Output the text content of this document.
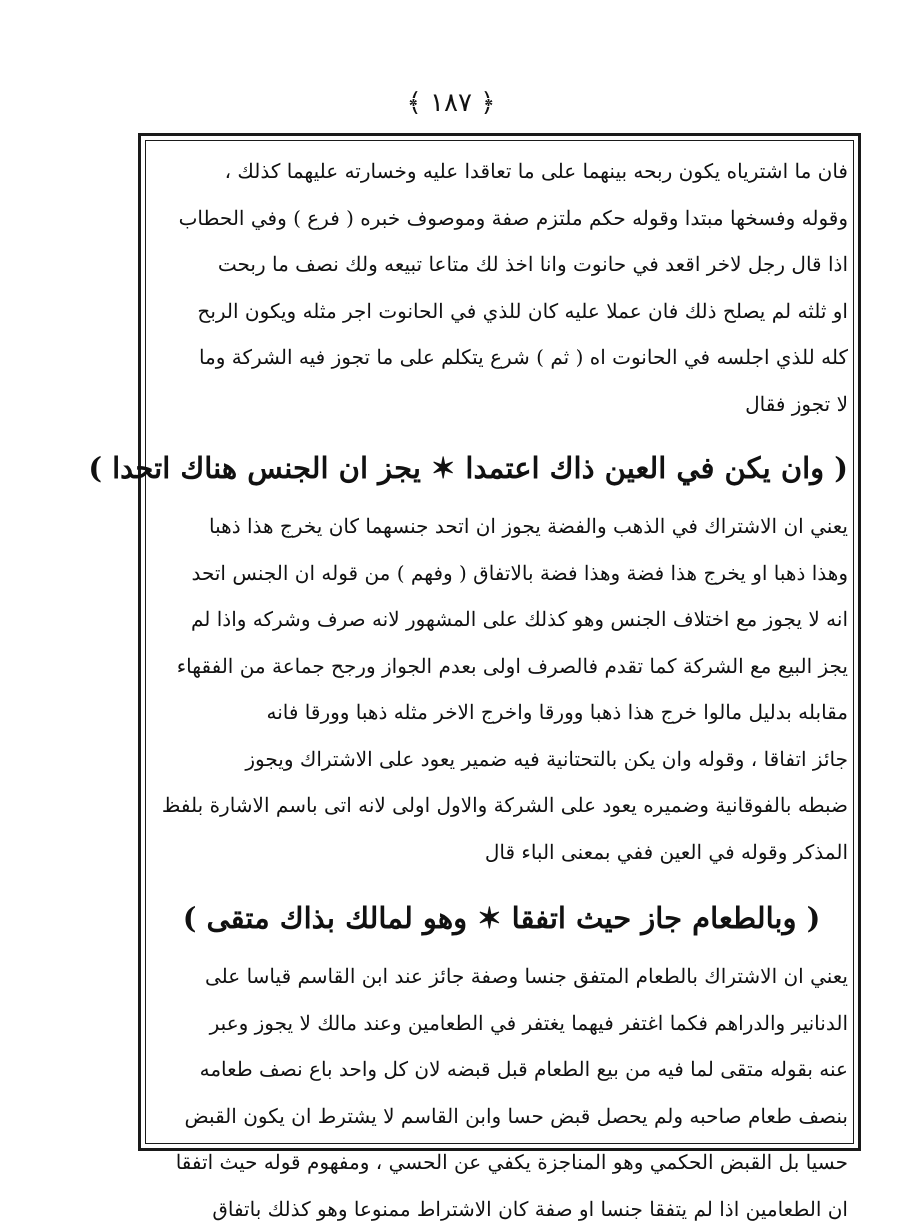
﴿ ١٨٧ ﴾
فان ما اشترياه يكون ربحه بينهما على ما تعاقدا عليه وخسارته عليهما كذلك ،
وقوله وفسخها مبتدا وقوله حكم ملتزم صفة وموصوف خبره ( فرع ) وفي الحطاب
اذا قال رجل لاخر اقعد في حانوت وانا اخذ لك متاعا تبيعه ولك نصف ما ربحت
او ثلثه لم يصلح ذلك فان عملا عليه كان للذي في الحانوت اجر مثله ويكون الربح
كله للذي اجلسه في الحانوت اه ( ثم ) شرع يتكلم على ما تجوز فيه الشركة وما
لا تجوز فقال
( وان يكن في العين ذاك اعتمدا ✶ يجز ان الجنس هناك اتحدا )
يعني ان الاشتراك في الذهب والفضة يجوز ان اتحد جنسهما كان يخرج هذا ذهبا
وهذا ذهبا او يخرج هذا فضة وهذا فضة بالاتفاق ( وفهم ) من قوله ان الجنس اتحد
انه لا يجوز مع اختلاف الجنس وهو كذلك على المشهور لانه صرف وشركه واذا لم
يجز البيع مع الشركة كما تقدم فالصرف اولى بعدم الجواز ورجح جماعة من الفقهاء
مقابله بدليل مالوا خرج هذا ذهبا وورقا واخرج الاخر مثله ذهبا وورقا فانه
جائز اتفاقا ، وقوله وان يكن بالتحتانية فيه ضمير يعود على الاشتراك ويجوز
ضبطه بالفوقانية وضميره يعود على الشركة والاول اولى لانه اتى باسم الاشارة بلفظ
المذكر وقوله في العين ففي بمعنى الباء قال
( وبالطعام جاز حيث اتفقا ✶ وهو لمالك بذاك متقى )
يعني ان الاشتراك بالطعام المتفق جنسا وصفة جائز عند ابن القاسم قياسا على
الدنانير والدراهم فكما اغتفر فيهما يغتفر في الطعامين وعند مالك لا يجوز وعبر
عنه بقوله متقى لما فيه من بيع الطعام قبل قبضه لان كل واحد باع نصف طعامه
بنصف طعام صاحبه ولم يحصل قبض حسا وابن القاسم لا يشترط ان يكون القبض
حسيا بل القبض الحكمي وهو المناجزة يكفي عن الحسي ، ومفهوم قوله حيث اتفقا
ان الطعامين اذا لم يتفقا جنسا او صفة كان الاشتراط ممنوعا وهو كذلك باتفاق
